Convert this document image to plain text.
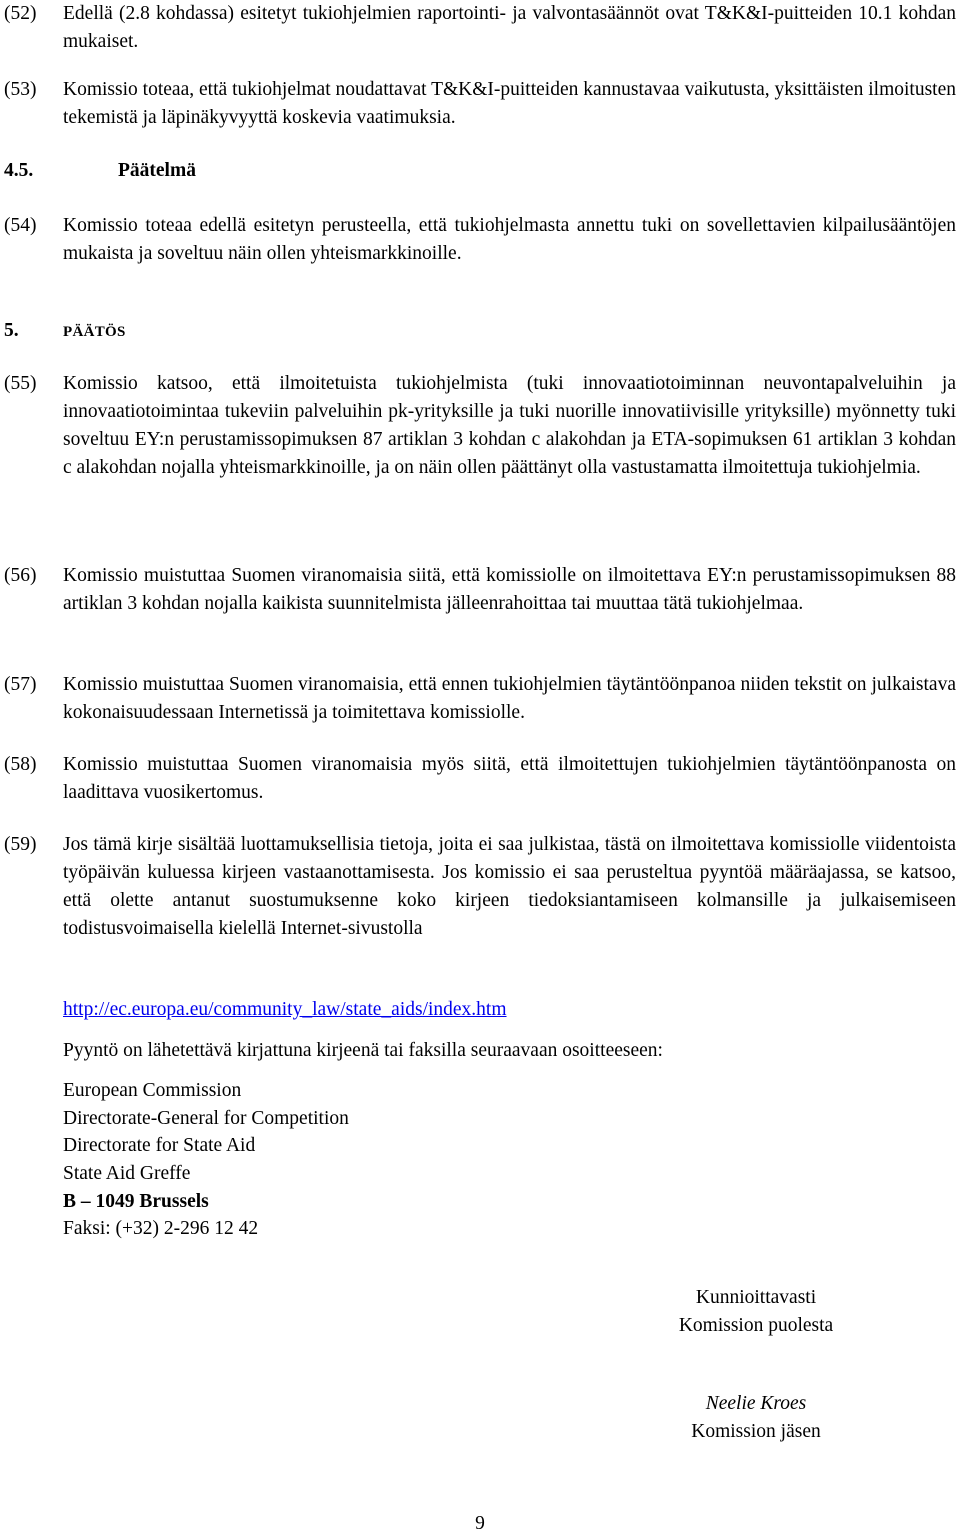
(52) Edellä (2.8 kohdassa) esitetyt tukiohjelmien raportointi- ja valvontasäännöt ovat T&K&I-puitteiden 10.1 kohdan mukaiset.
(53) Komissio toteaa, että tukiohjelmat noudattavat T&K&I-puitteiden kannustavaa vaikutusta, yksittäisten ilmoitusten tekemistä ja läpinäkyvyyttä koskevia vaatimuksia.
4.5.	Päätelmä
(54) Komissio toteaa edellä esitetyn perusteella, että tukiohjelmasta annettu tuki on sovellettavien kilpailusääntöjen mukaista ja soveltuu näin ollen yhteismarkkinoille.
5.	PÄÄTÖS
(55) Komissio katsoo, että ilmoitetuista tukiohjelmista (tuki innovaatiotoiminnan neuvontapalveluihin ja innovaatiotoimintaa tukeviin palveluihin pk-yrityksille ja tuki nuorille innovatiivisille yrityksille) myönnetty tuki soveltuu EY:n perustamissopimuksen 87 artiklan 3 kohdan c alakohdan ja ETA-sopimuksen 61 artiklan 3 kohdan c alakohdan nojalla yhteismarkkinoille, ja on näin ollen päättänyt olla vastustamatta ilmoitettuja tukiohjelmia.
(56) Komissio muistuttaa Suomen viranomaisia siitä, että komissiolle on ilmoitettava EY:n perustamissopimuksen 88 artiklan 3 kohdan nojalla kaikista suunnitelmista jälleenrahoittaa tai muuttaa tätä tukiohjelmaa.
(57) Komissio muistuttaa Suomen viranomaisia, että ennen tukiohjelmien täytäntöönpanoa niiden tekstit on julkaistava kokonaisuudessaan Internetissä ja toimitettava komissiolle.
(58) Komissio muistuttaa Suomen viranomaisia myös siitä, että ilmoitettujen tukiohjelmien täytäntöönpanosta on laadittava vuosikertomus.
(59) Jos tämä kirje sisältää luottamuksellisia tietoja, joita ei saa julkistaa, tästä on ilmoitettava komissiolle viidentoista työpäivän kuluessa kirjeen vastaanottamisesta. Jos komissio ei saa perusteltua pyyntöä määräajassa, se katsoo, että olette antanut suostumuksenne koko kirjeen tiedoksiantamiseen kolmansille ja julkaisemiseen todistusvoimaisella kielellä Internet-sivustolla
http://ec.europa.eu/community_law/state_aids/index.htm
Pyyntö on lähetettävä kirjattuna kirjeenä tai faksilla seuraavaan osoitteeseen:
European Commission
Directorate-General for Competition
Directorate for State Aid
State Aid Greffe
B – 1049 Brussels
Faksi: (+32) 2-296 12 42
Kunnioittavasti
Komission puolesta
Neelie Kroes
Komission jäsen
9
